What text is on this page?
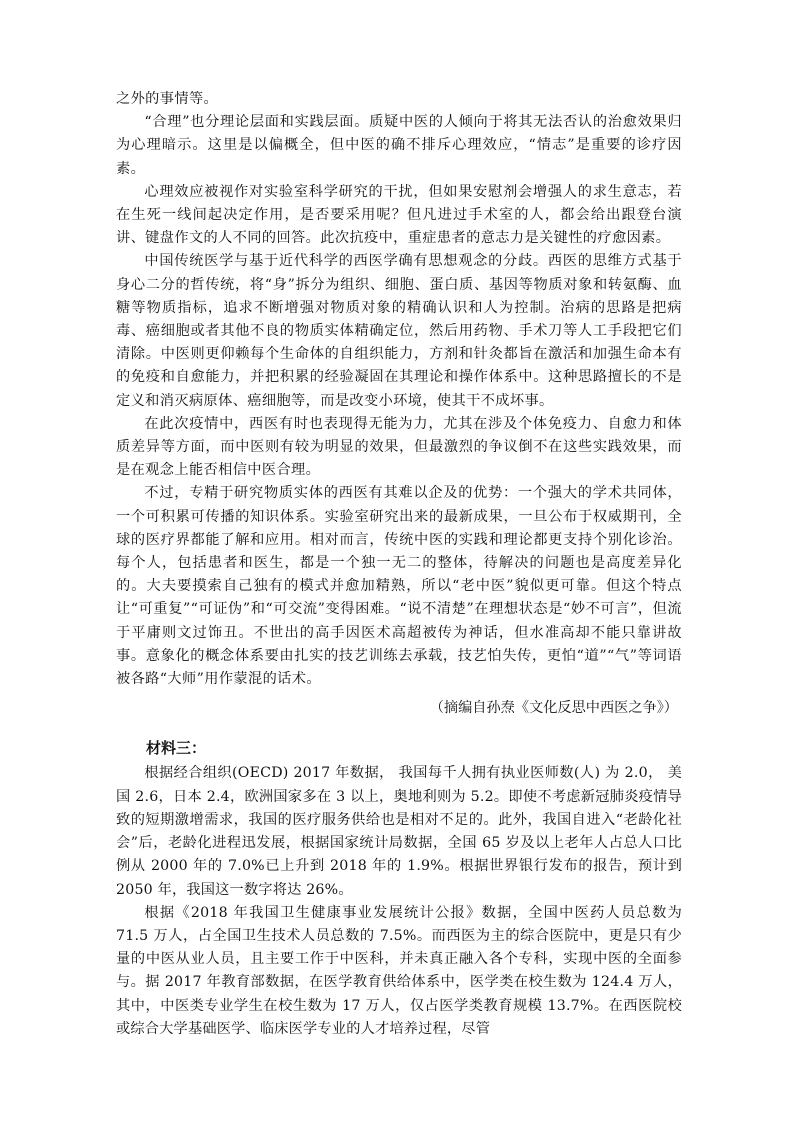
之外的事情等。

“合理”也分理论层面和实践层面。质疑中医的人倾向于将其无法否认的治愈效果归为心理暗示。这里是以偏概全，但中医的确不排斥心理效应，“情志”是重要的诊疗因素。

心理效应被视作对实验室科学研究的干扰，但如果安慰剂会增强人的求生意志，若在生死一线间起决定作用，是否要采用呢？但凡进过手术室的人，都会给出跟登台演讲、键盘作文的人不同的回答。此次抗疫中，重症患者的意志力是关键性的疗愈因素。

中国传统医学与基于近代科学的西医学确有思想观念的分歧。西医的思维方式基于身心二分的哲传统，将“身”拆分为组织、细胞、蛋白质、基因等物质对象和转氨酶、血糖等物质指标，追求不断增强对物质对象的精确认识和人为控制。治病的思路是把病毒、癌细胞或者其他不良的物质实体精确定位，然后用药物、手术刀等人工手段把它们清除。中医则更仰赖每个生命体的自组织能力，方剂和针灸都旨在激活和加强生命本有的免疫和自愈能力，并把积累的经验凝固在其理论和操作体系中。这种思路擅长的不是定义和消灭病原体、癌细胞等，而是改变小环境，使其干不成坏事。

在此次疫情中，西医有时也表现得无能为力，尤其在涉及个体免疫力、自愈力和体质差异等方面，而中医则有较为明显的效果，但最激烈的争议倒不在这些实践效果，而是在观念上能否相信中医合理。

不过，专精于研究物质实体的西医有其难以企及的优势：一个强大的学术共同体，一个可积累可传播的知识体系。实验室研究出来的最新成果，一旦公布于权威期刊，全球的医疗界都能了解和应用。相对而言，传统中医的实践和理论都更支持个别化诊治。每个人，包括患者和医生，都是一个独一无二的整体，待解决的问题也是高度差异化的。大夫要摸索自己独有的模式并愈加精熟，所以“老中医”貌似更可靠。但这个特点让“可重复”“可证伪”和“可交流”变得困难。“说不清楚”在理想状态是“妙不可言”，但流于平庸则文过饰丑。不世出的高手因医术高超被传为神话，但水准高却不能只靠讲故事。意象化的概念体系要由扎实的技艺训练去承载，技艺怕失传，更怕“道”“气”等词语被各路“大师”用作蒙混的话术。

（摘编自孙焘《文化反思中西医之争》）

材料三：

根据经合组织(OECD) 2017 年数据， 我国每千人拥有执业医师数(人) 为 2.0， 美国 2.6，日本 2.4，欧洲国家多在 3 以上，奥地利则为 5.2。即使不考虑新冠肺炎疫情导致的短期激增需求，我国的医疗服务供给也是相对不足的。此外，我国自进入“老龄化社会”后，老龄化进程迅发展，根据国家统计局数据，全国 65 岁及以上老年人占总人口比例从 2000 年的 7.0%已上升到 2018 年的 1.9%。根据世界银行发布的报告，预计到 2050 年，我国这一数字将达 26%。

根据《2018 年我国卫生健康事业发展统计公报》数据，全国中医药人员总数为 71.5 万人，占全国卫生技术人员总数的 7.5%。而西医为主的综合医院中，更是只有少量的中医从业人员，且主要工作于中医科，并未真正融入各个专科，实现中医的全面参与。据 2017 年教育部数据，在医学教育供给体系中，医学类在校生数为 124.4 万人，其中，中医类专业学生在校生数为 17 万人，仅占医学类教育规模 13.7%。在西医院校或综合大学基础医学、临床医学专业的人才培养过程，尽管
